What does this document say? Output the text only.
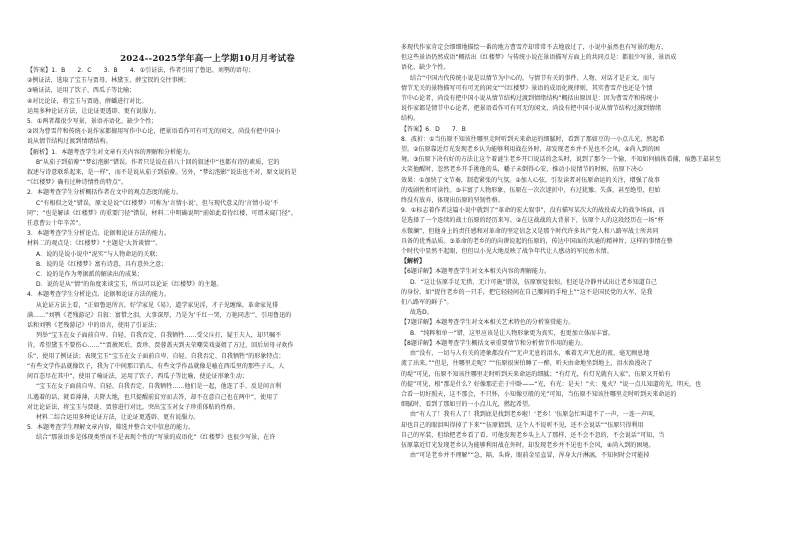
2024--2025学年高一上学期10月月考试卷
【答案】1．B　　2．C　　3．B　　4．①引证法，作者引用了鲁迅、刘鹗的语句；
②例证法，选取了宝玉与贾母、林黛玉、薛宝钗的交往事例；
③喻证法，运用了饮子、西瓜子等比喻；
④对比论证，将宝玉与贾琏、薛蟠进行对比。
运用多种论证方法，让论证更透辟、更有说服力。
5．①两者都很少写景，景语亦语化、缺少个性；
②因为曹雪芹和传统小说作家都擅用写作中心论，把景语看作可有可无的闲文，尚没有把中国小
说从情节结构过渡到情绪结构。
【解析】1．本题考查学生对文章有关内容的理解和分析能力。
B“从茄子到茄鲞”“梦幻泡影”错误。作者只是说在前八十回的叙述中“也都有诗的素质，它的
叙述与诗意联系起来，是一样”，而不是说从茄子到茄鲞。另外，“梦幻泡影”说法也不对，原文说的是
“《红楼梦》确有过种诗情性的特点”。
2．本题考查学生分析概括作者在文中的观点态度的能力。
C“有相似之处”错误，原文是说“《红楼梦》可称为‘言情小说’，但与现代意义的‘言情小说’不
同”；“也是解读《红楼梦》的重要门径”错误，材料二中明确说明“前如此看待红楼，可谓未窥门径”，
任意曹公十年辛苦”。
3．本题考查学生分析论点、论据和论证方法的能力。
材料二的观点是：《红楼梦》“主题是‘大旨谈情’”。
A．说的是说小说中“泥实”与人物命运的关联；
B．说的是《红楼梦》富有诗意，具有意外之意；
C．说的是作为考据派的解读出的成果；
D．说的是从“情”的角度来谈宝玉，所以可以论证《红楼梦》的主题。
4．本题考查学生分析论点、论据和论证方法的能力。
从论证方法上看，“正如鲁迅所言，好学家见《易》，道学家见淫，才子见缠绵，革命家见排
满……”刘鹗《老残游记》自叙：富惜之泪，大事深厚，乃是为‘千红一哭，万艳同悲’”，引用鲁迅的
话和刘鹗《老残游记》中的语言，使用了引证法；
列举“宝玉在女子面前自卑、自轻、自我否定、自我牺牲……受父斥打，疑王夫人，却只嘱不
肯，希望黛玉不要伤心……”“贾赦死后，贾珍、贾蓉盖天到天荣嘲笑戏耍姐了方过，回后居母寻欢作
乐”，使用了例证法；表现宝玉“宝玉在女子面前自卑、自轻、自我否定、自我牺牲”的形象特点；
“有些文学作品就像饮子，我为了中间那口馅儿，有些文学作品就像是嗑在西瓜里的那些子儿，人
间百态尽在其中”，使用了喻证法，运用了饮子，西瓜子等比喻，使论证形象生动；
“宝玉在女子面前自卑、自轻、自我否定、自我牺牲……他们是一起，他连了手、反是问言利
儿遇着的话，就看薄薄，夫降大地，也只提醒前贫穷而去答，却不在意自己也在两中”，使用了
对比论证法，将宝玉与贾琏、贾蓉进行对比，突出宝玉对女子珍重体贴的性格。
材料二综合运用多种论证方法，让论证更透辟、更有说服力。
5．本题考查学生理解文章内容，筛选并整合文中信息的能力。
结合“那景语多是体现类型而不是表现个性的“写景的成语化”《红楼梦》也很少写景，在许
多现代作家肯定会细细地描绘一番的地方曹雪芹却常常不去地放过了，小说中虽然也有写景的地方，
但这些景语仍然成语“概括出《红楼梦》与传统小说在景语描写方面上的共同点是：都很少写景，景语成
语化、缺少个性。
结合“中国古代传统小说是以情节为中心的，与情节有关的事件、人物、对话才是正文，而与
情节无关的景物描写可有可无的闲文”“《红楼梦》景语的成语化规律则，其实曹雪芹也还是个情
节中心论者，尚没有把中国小说从情节结构过渡到情绪结构”概括出原因是：因为曹雪芹和传统小
说作家都是情节中心论者，把景语看作可有可无的闲文，尚没有把中国小说从情节结构过渡到情绪
结构。
【答案】6．D　　7．B
8．波折：①当伍原不知该往哪里走时听到天来命运的细腻时，看到了那如豆的一小点儿光，然起希
望。②伍原靠近灯光发现老乡认为能够利用战在外时，却发现老乡并不见也不会风，④尚入到的困
境。③伍原下决有好的方法让这个着谜生老乡开口说话的念头时，说到了那令一个偷，不知如何搞拣看捕，痕憋王最甚至
大笑他醒时，忽然老乡开手挑他的头，幡子未倒得心安，推动小说情节的时候，伍原下决心
效果：①加快了文节奏，制造紧张的气氛。②加人心弦，引发读者对伍原命运的关注，增强了故事
的戏剧性和可读性。③丰富了人物形象，伍原在一次次迷折中，有过犹豫、失落，甚至绝望，但始
终没有放弃，体现出伍原的坚韧性格。
9．①标志着作者这篇小说中就到了“革命的宏大叙事”，没有描写某次大的战役或大的战争场面，而
是选择了一个连续的战士伍原的经历来写。②在这战战的大背景下，伍原个人的这段经历在一场“杯
水微澜”，但他身上的责任感和对革命的坚定信念又是那个时代许多共产党人和八路军战士所共同
具备的优秀品质。③革命的老乡的的向谬说起的伍原的，传达中国面的共通的精神旨，这样的事情在整
个时代中显然不起眼，但但以小见大地反映了战争年代让人感动的军民鱼水情。
【解析】
【6题详解】本题考查学生对文本相关内容的理解能力。
D．“这让伍原手足无措、无计可施”错误，伍原察觉很惊，但还是冷静并试出让老乡知道自己
的身份，如“捉住老乡的一只手，把它轻轻间在自己腰间的手枪上”“这不是国民党的大军，是我
们八路军的鲜子”。
故选D。
【7题详解】本题考查学生对文本相关艺术特色的分析鉴赏能力。
B．“纯粹和单一”错，这里应该是让人物形象更为真实，也更加立体而丰富。
【8题详解】本题考查学生概括文章重要情节和分析情节作用的能力。
由“没有，一切与人有关的迹象都没有”“无声无息的泪水，乘着无声无息的夜，毫无顾息地
流了出来。”“但是，往哪里走呢？”“伍原很害怕睡了一醉，听天由命地坐到地上，泪水涣漫决了
的堤”可见，伍原不知该往哪里走时听到天来命运的细腻；“有灯光，有灯光就有人家”，伍原又开始有
的提”可见，根”那是什么？好像那茫茫于中卧——“光，有光：是天！”火：鬼火？”说一点儿知道的光，明天，也
合看一切好照天，这不那会，不只怀，小知像豆般的光”可知，当伍原不知该往哪里走时听到天来命运的
细腻时，看到了那如豆的一小点儿光，燃起希望。
由“有人了！我有人了！我到底是找到老乡啦！‘老乡！’伍原急忙叫道不了一声，一连一声叫，
却也自己的眼泪叫得掉了下来”“伍原猜到，这个人不说听不见，还不会说话”“伍原只得利用
自己的军装，但给把老乡看了看。可他发现老乡头上人了那样，还不会不忽的，不会说话”可知，当
伍原靠近灯光发现老乡认为能够利用战在外时，却发现老乡并不见也不会风，④尚入到的困境。
由“可是老乡并不理解”“急，隔，头昏，眼前金星直冒，浑身大汗淋漓，不知何时会可能掉
